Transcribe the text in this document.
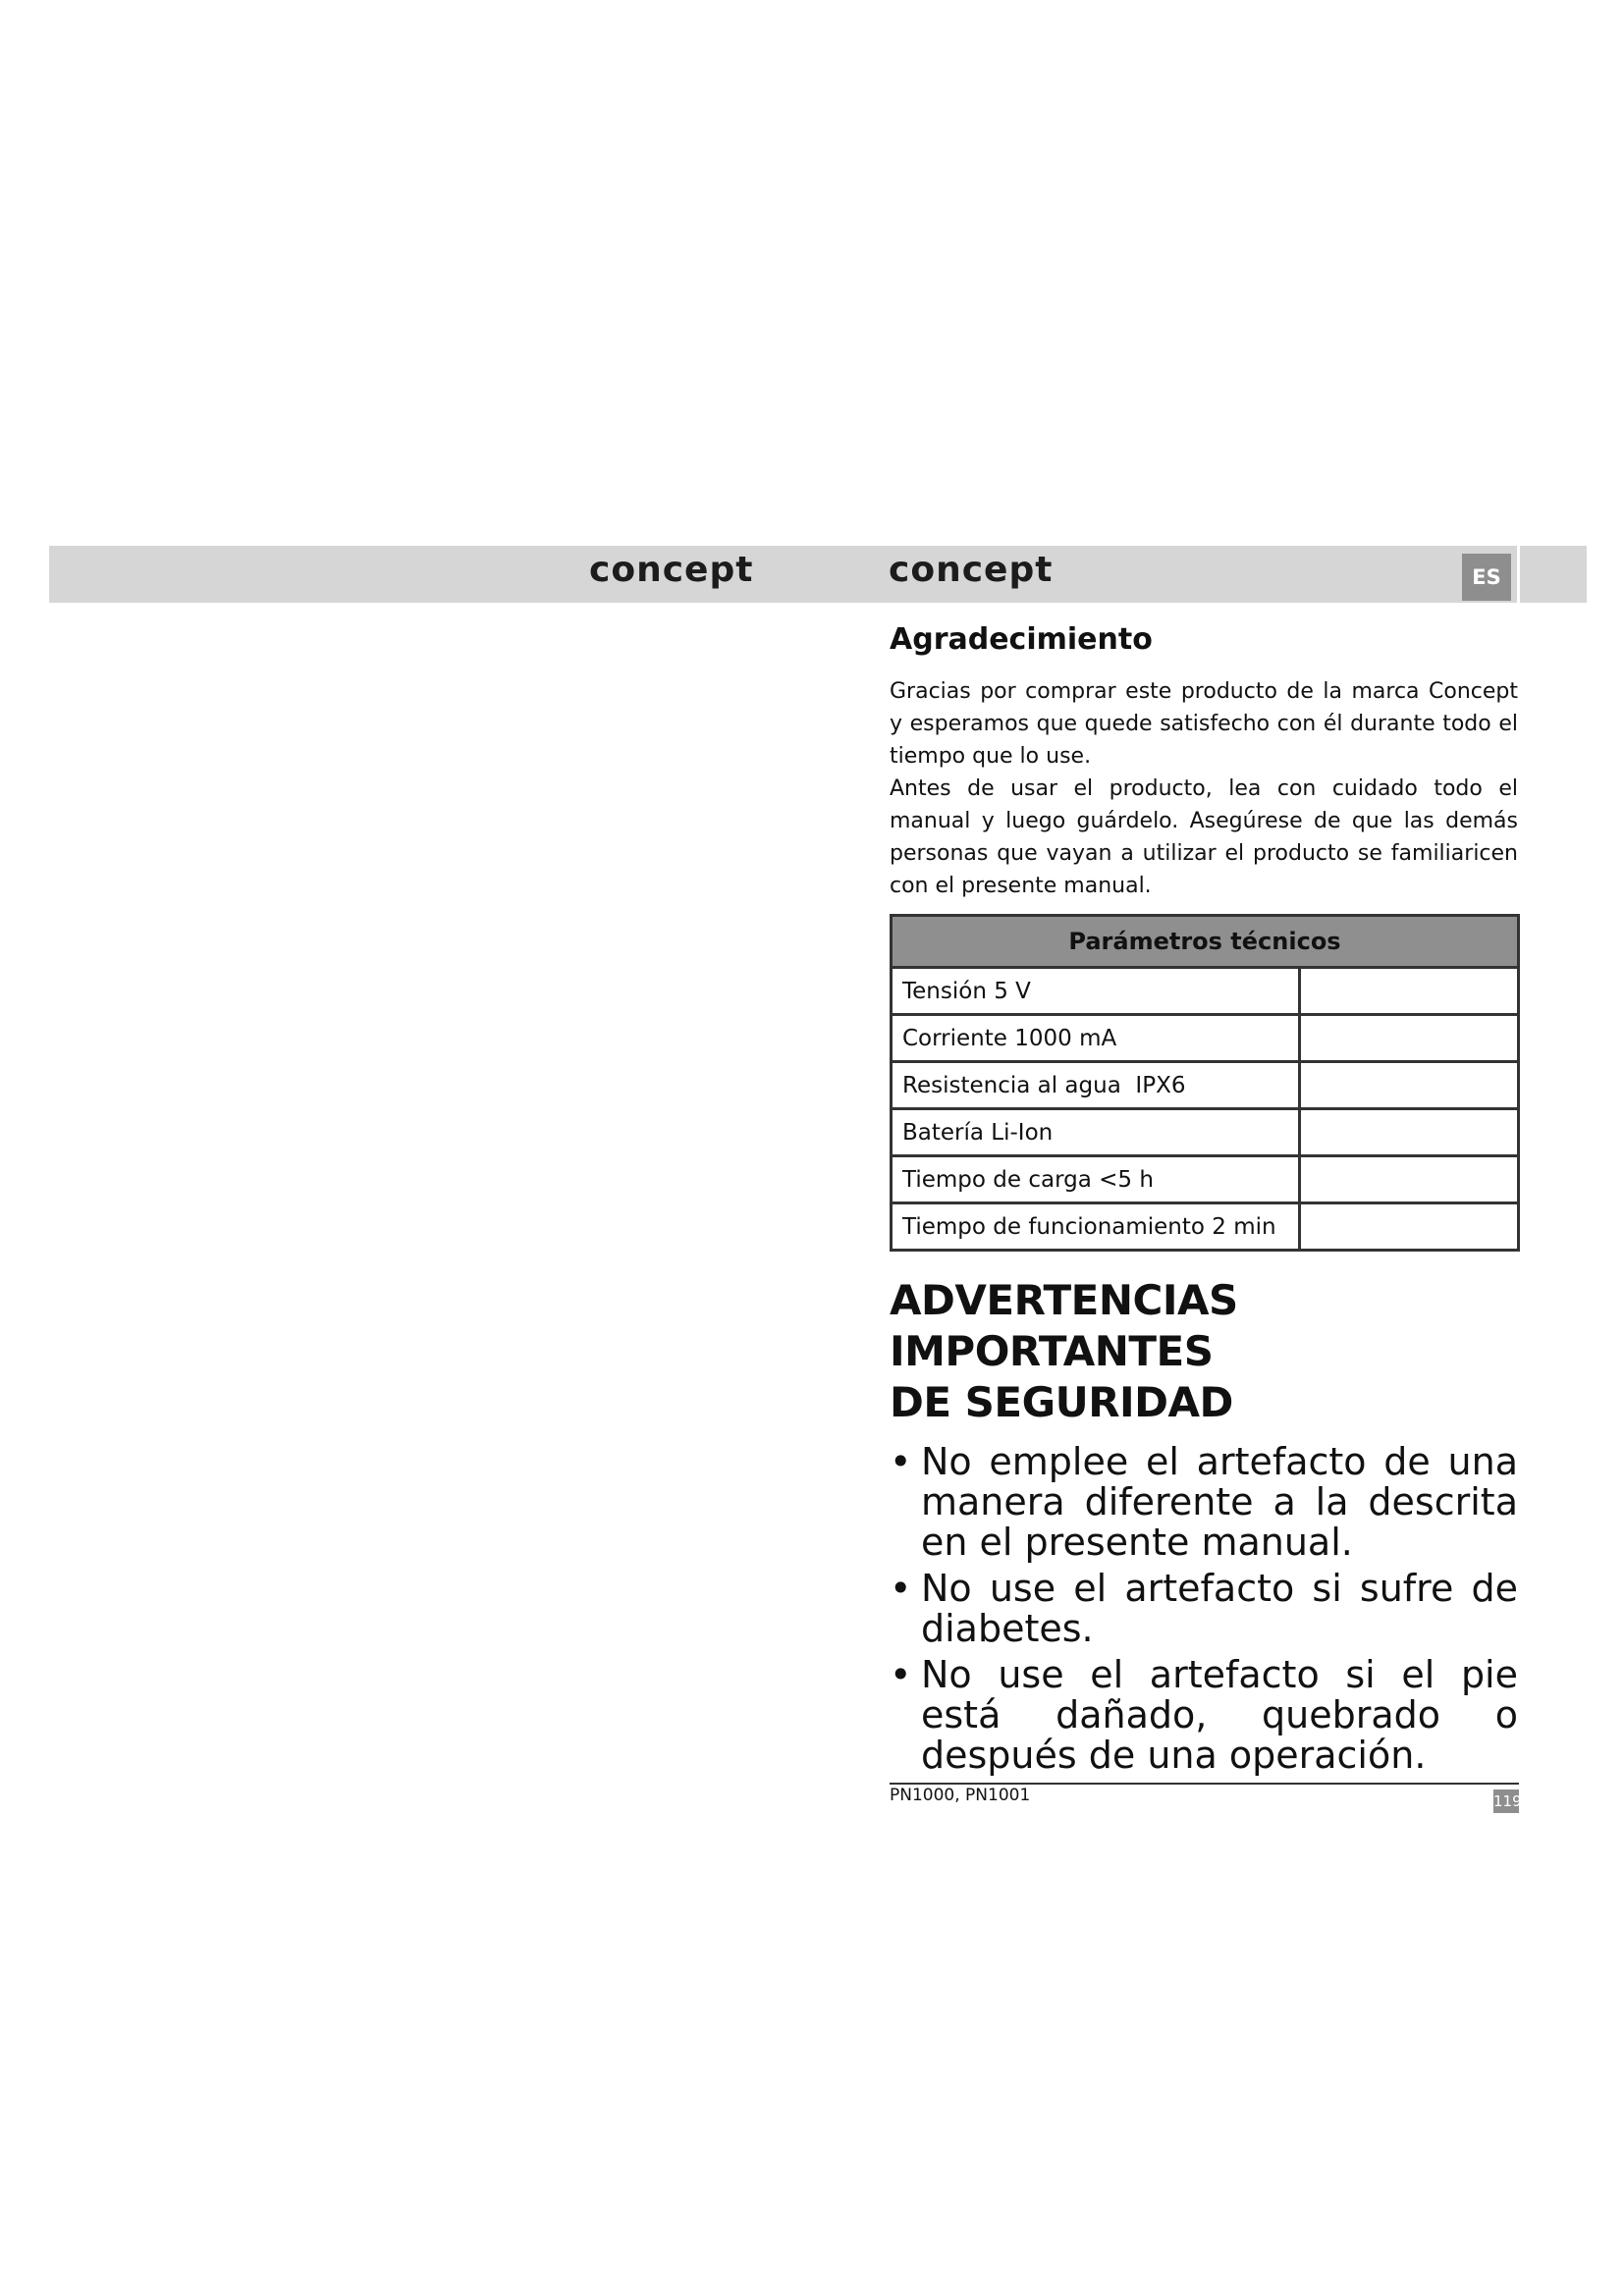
concept	concept	ES
Agradecimiento

Gracias por comprar este producto de la marca Concept y esperamos que quede satisfecho con él durante todo el tiempo que lo use.

Antes de usar el producto, lea con cuidado todo el manual y luego guárdelo. Asegúrese de que las demás personas que vayan a utilizar el producto se familiaricen con el presente manual.

Parámetros técnicos	
Tensión 5 V	
Corriente 1000 mA	
Resistencia al agua  IPX6	
Batería Li-Ion	
Tiempo de carga <5 h	
Tiempo de funcionamiento 2 min	
ADVERTENCIAS IMPORTANTES
DE SEGURIDAD
• No emplee el artefacto de una manera diferente a la descrita en el presente manual.
• No use el artefacto si sufre de diabetes.
• No use el artefacto si el pie está dañado, quebrado o después de una operación.
PN1000, PN1001	119
